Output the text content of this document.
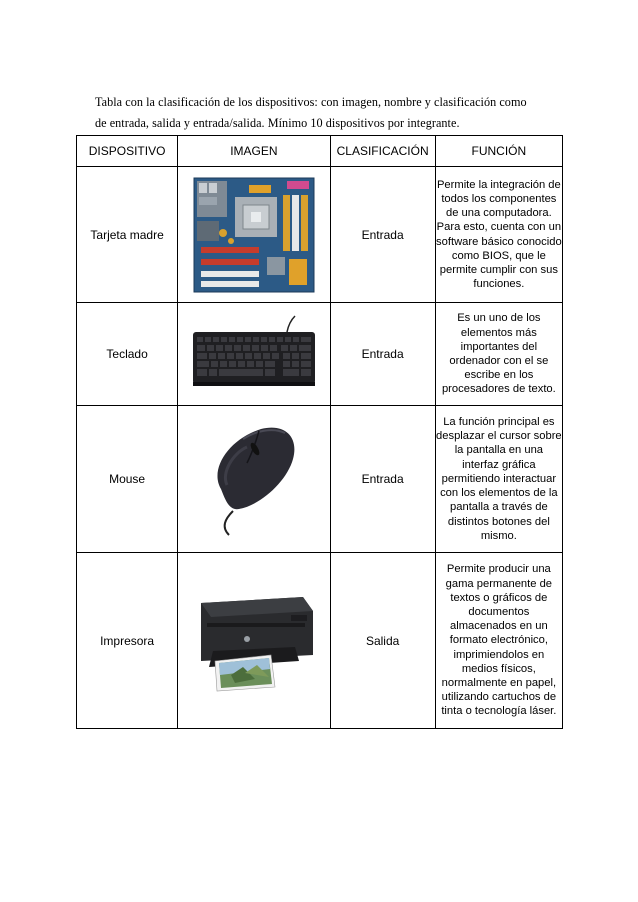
Tabla con la clasificación de los dispositivos: con imagen, nombre y clasificación como
de entrada, salida y entrada/salida. Mínimo 10 dispositivos por integrante.
DISPOSITIVO	IMAGEN	CLASIFICACIÓN	FUNCIÓN
Tarjeta madre		Entrada	Permite la integración de todos los componentes de una computadora. Para esto, cuenta con un software básico conocido como BIOS, que le permite cumplir con sus funciones.
Teclado		Entrada	Es un uno de los elementos más importantes del ordenador con el se escribe en los procesadores de texto.
Mouse		Entrada	La función principal es desplazar el cursor sobre la pantalla en una interfaz gráfica permitiendo interactuar con los elementos de la pantalla a través de distintos botones del mismo.
Impresora		Salida	Permite producir una gama permanente de textos o gráficos de documentos almacenados en un formato electrónico, imprimiendolos en medios físicos, normalmente en papel, utilizando cartuchos de tinta o tecnología láser.
